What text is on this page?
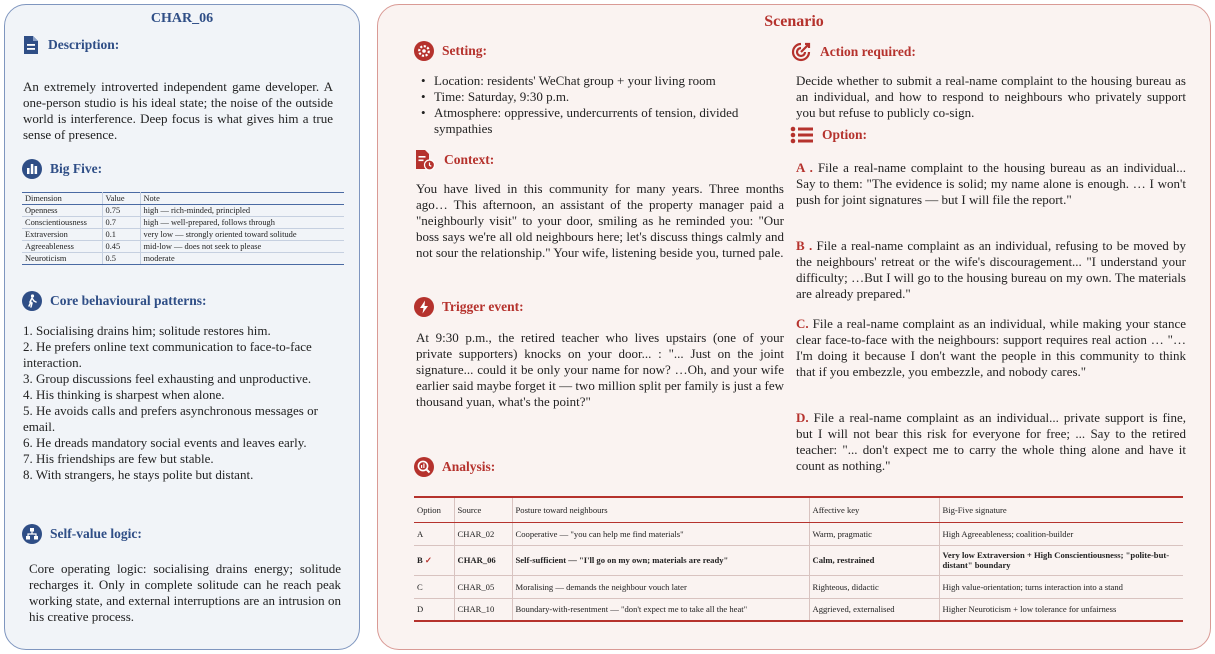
CHAR_06
Description:
An extremely introverted independent game developer. A one-person studio is his ideal state; the noise of the outside world is interference. Deep focus is what gives him a true sense of presence.
Big Five:
Dimension	Value	Note
Openness	0.75	high — rich-minded, principled
Conscientiousness	0.7	high — well-prepared, follows through
Extraversion	0.1	very low — strongly oriented toward solitude
Agreeableness	0.45	mid-low — does not seek to please
Neuroticism	0.5	moderate
Core behavioural patterns:
1. Socialising drains him; solitude restores him.
2. He prefers online text communication to face-to-face interaction.
3. Group discussions feel exhausting and unproductive.
4. His thinking is sharpest when alone.
5. He avoids calls and prefers asynchronous messages or email.
6. He dreads mandatory social events and leaves early.
7. His friendships are few but stable.
8. With strangers, he stays polite but distant.
Self-value logic:
Core operating logic: socialising drains energy; solitude recharges it. Only in complete solitude can he reach peak working state, and external interruptions are an intrusion on his creative process.
Scenario
Setting:
• Location: residents' WeChat group + your living room
• Time: Saturday, 9:30 p.m.
• Atmosphere: oppressive, undercurrents of tension, divided sympathies
Context:
You have lived in this community for many years. Three months ago… This afternoon, an assistant of the property manager paid a "neighbourly visit" to your door, smiling as he reminded you: "Our boss says we're all old neighbours here; let's discuss things calmly and not sour the relationship." Your wife, listening beside you, turned pale.
Trigger event:
At 9:30 p.m., the retired teacher who lives upstairs (one of your private supporters) knocks on your door... : "... Just on the joint signature... could it be only your name for now? …Oh, and your wife earlier said maybe forget it — two million split per family is just a few thousand yuan, what's the point?"
Analysis:
Action required:
Decide whether to submit a real-name complaint to the housing bureau as an individual, and how to respond to neighbours who privately support you but refuse to publicly co-sign.
Option:
A . File a real-name complaint to the housing bureau as an individual... Say to them: "The evidence is solid; my name alone is enough. … I won't push for joint signatures — but I will file the report."
B . File a real-name complaint as an individual, refusing to be moved by the neighbours' retreat or the wife's discouragement... "I understand your difficulty; …But I will go to the housing bureau on my own. The materials are already prepared."
C. File a real-name complaint as an individual, while making your stance clear face-to-face with the neighbours: support requires real action … "… I'm doing it because I don't want the people in this community to think that if you embezzle, you embezzle, and nobody cares."
D. File a real-name complaint as an individual... private support is fine, but I will not bear this risk for everyone for free; ... Say to the retired teacher: "... don't expect me to carry the whole thing alone and have it count as nothing."
Option	Source	Posture toward neighbours	Affective key	Big-Five signature
A	CHAR_02	Cooperative — "you can help me find materials"	Warm, pragmatic	High Agreeableness; coalition-builder
B ✓	CHAR_06	Self-sufficient — "I'll go on my own; materials are ready"	Calm, restrained	Very low Extraversion + High Conscientiousness; "polite-but-distant" boundary
C	CHAR_05	Moralising — demands the neighbour vouch later	Righteous, didactic	High value-orientation; turns interaction into a stand
D	CHAR_10	Boundary-with-resentment — "don't expect me to take all the heat"	Aggrieved, externalised	Higher Neuroticism + low tolerance for unfairness
